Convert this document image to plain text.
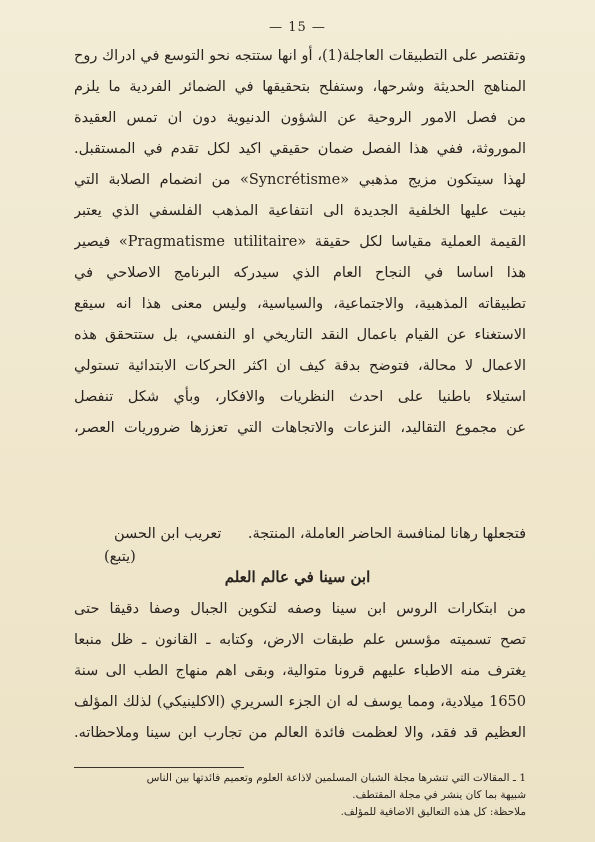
— 15 —
وتقتصر على التطبيقات العاجلة(1)، أو انها ستتجه نحو التوسع في ادراك روح
المناهج الحديثة وشرحها، وستفلح بتحقيقها في الضمائر الفردية ما يلزم
من فصل الامور الروحية عن الشؤون الدنيوية دون ان تمس العقيدة
الموروثة، ففي هذا الفصل ضمان حقيقي اكيد لكل تقدم في المستقبل.
لهذا سيتكون مزيج مذهبي «Syncrétisme» من انضمام الصلابة التي
بنيت عليها الخلفية الجديدة الى انتفاعية المذهب الفلسفي الذي يعتبر
القيمة العملية مقياسا لكل حقيقة «Pragmatisme utilitaire» فيصير
هذا اساسا في النجاح العام الذي سيدركه البرنامج الاصلاحي في
تطبيقاته المذهبية، والاجتماعية، والسياسية، وليس معنى هذا انه سيقع
الاستغناء عن القيام باعمال النقد التاريخي او النفسي، بل ستتحقق هذه
الاعمال لا محالة، فتوضح بدقة كيف ان اكثر الحركات الابتدائية تستولي
استيلاء باطنيا على احدث النظريات والافكار، وبأي شكل تنفصل
عن مجموع التقاليد، النزعات والاتجاهات التي تعززها ضروريات العصر،
فتجعلها رهانا لمنافسة الحاضر العاملة، المنتجة.
تعريب ابن الحسن
(يتبع)
ابن سينا في عالم العلم
من ابتكارات الروس ابن سينا وصفه لتكوين الجبال وصفا دقيقا حتى
تصح تسميته مؤسس علم طبقات الارض، وكتابه ـ القانون ـ ظل منبعا
يغترف منه الاطباء عليهم قرونا متوالية، وبقى اهم منهاج الطب الى سنة
1650 ميلادية، ومما يوسف له ان الجزء السريري (الاكلينيكي) لذلك المؤلف
العظيم قد فقد، والا لعظمت فائدة العالم من تجارب ابن سينا وملاحظاته.
1 ـ المقالات التي تنشرها مجلة الشبان المسلمين لاذاعة العلوم وتعميم فائدتها بين الناس
شبيهة بما كان ينشر في مجلة المقتطف.
ملاحظة: كل هذه التعاليق الاضافية للمؤلف.
